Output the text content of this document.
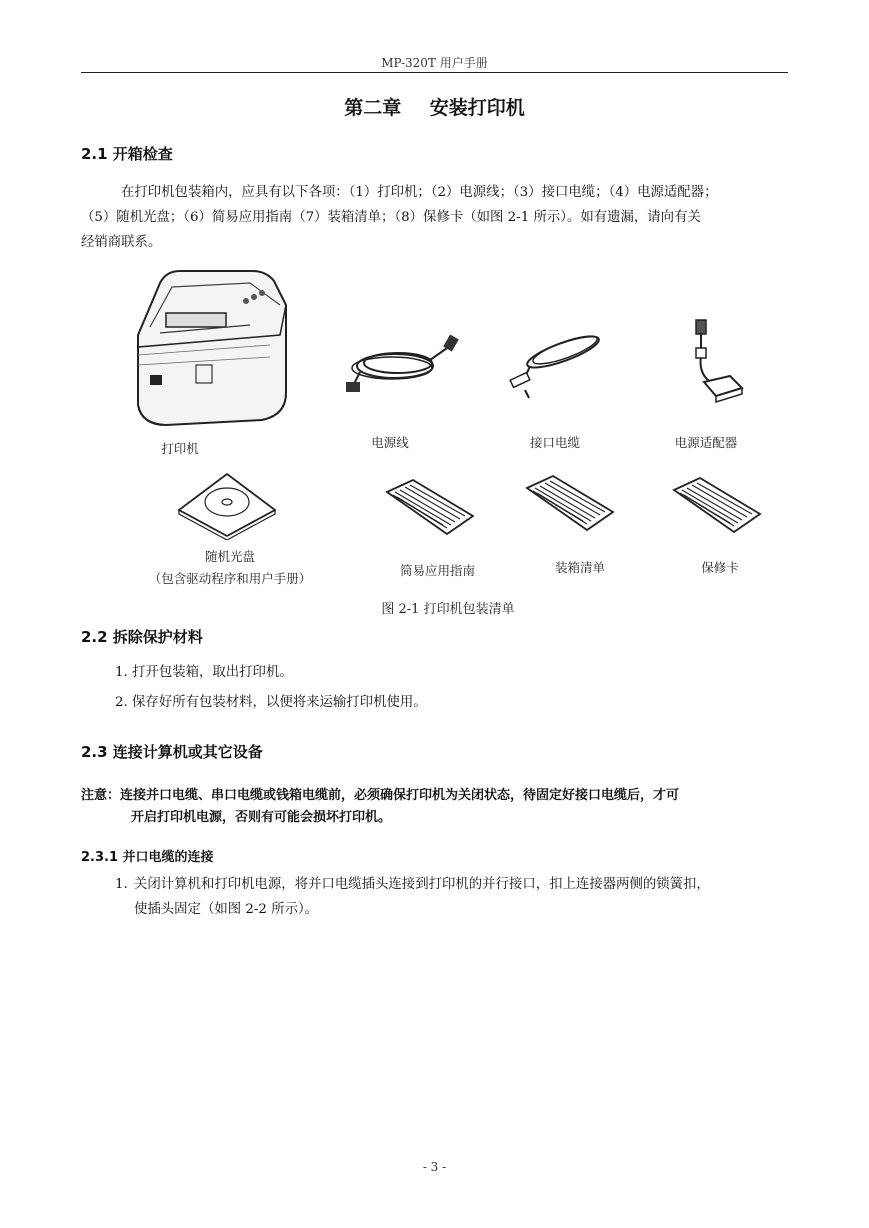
MP-320T 用户手册
第二章 安装打印机
2.1 开箱检查
在打印机包装箱内，应具有以下各项：（1）打印机；（2）电源线；（3）接口电缆；（4）电源适配器；
（5）随机光盘；（6）简易应用指南（7）装箱清单；（8）保修卡（如图 2-1 所示）。如有遗漏，请向有关
经销商联系。
打印机	电源线	接口电缆	电源适配器
随机光盘
（包含驱动程序和用户手册）
简易应用指南	装箱清单	保修卡
图 2-1 打印机包装清单
2.2 拆除保护材料
1. 打开包装箱，取出打印机。
2. 保存好所有包装材料，以便将来运输打印机使用。
2.3 连接计算机或其它设备
注意：连接并口电缆、串口电缆或钱箱电缆前，必须确保打印机为关闭状态，待固定好接口电缆后，才可
开启打印机电源，否则有可能会损坏打印机。
2.3.1 并口电缆的连接
1. 关闭计算机和打印机电源，将并口电缆插头连接到打印机的并行接口，扣上连接器两侧的锁簧扣，
使插头固定（如图 2-2 所示）。
- 3 -
